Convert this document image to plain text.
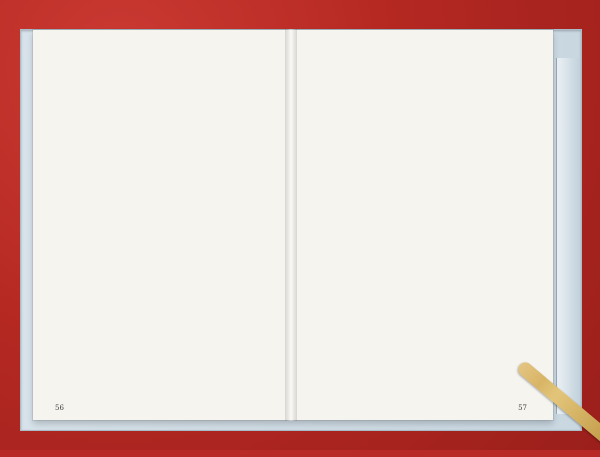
56	57
